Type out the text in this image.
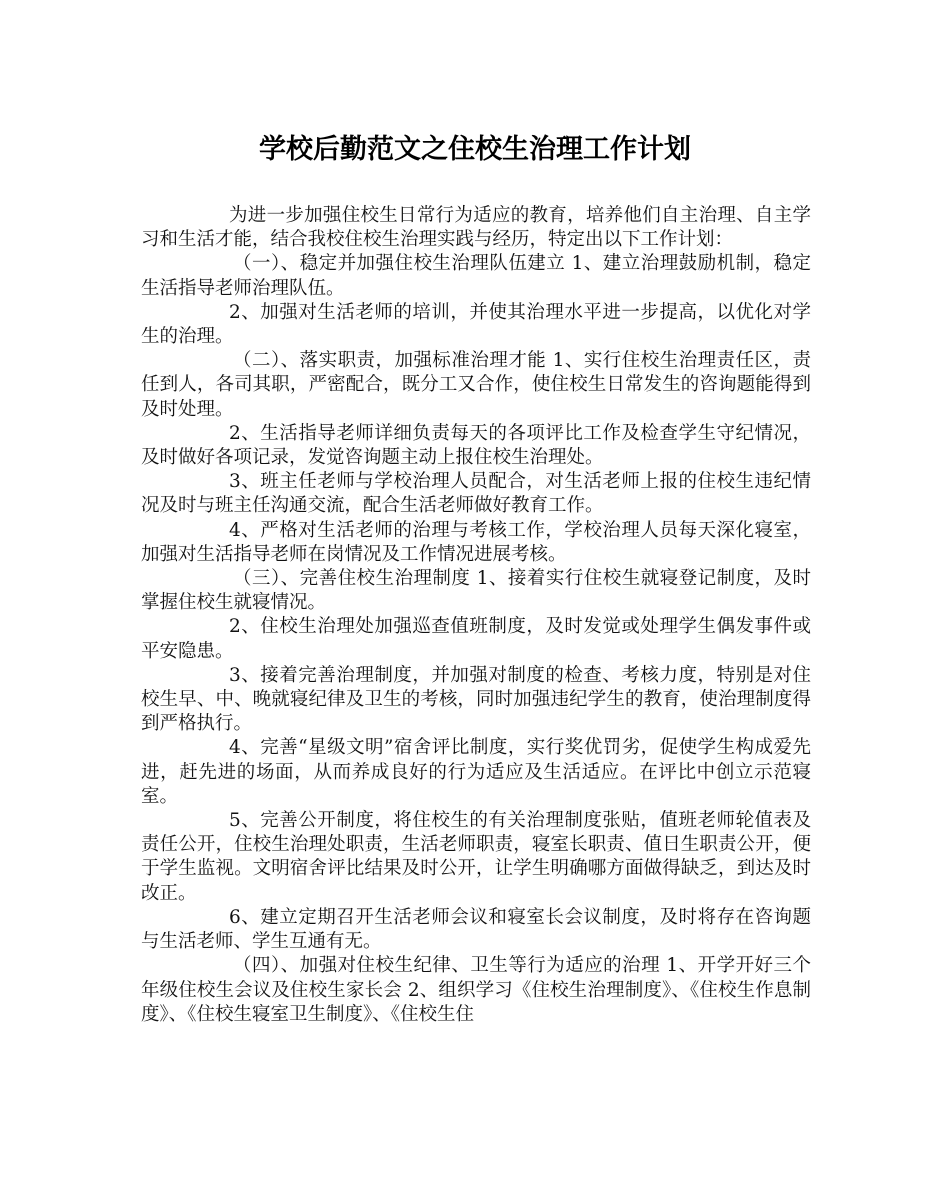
学校后勤范文之住校生治理工作计划

为进一步加强住校生日常行为适应的教育，培养他们自主治理、自主学习和生活才能，结合我校住校生治理实践与经历，特定出以下工作计划：

（一）、稳定并加强住校生治理队伍建立 1、建立治理鼓励机制，稳定生活指导老师治理队伍。

2、加强对生活老师的培训，并使其治理水平进一步提高，以优化对学生的治理。

（二）、落实职责，加强标准治理才能 1、实行住校生治理责任区，责任到人，各司其职，严密配合，既分工又合作，使住校生日常发生的咨询题能得到及时处理。

2、生活指导老师详细负责每天的各项评比工作及检查学生守纪情况，及时做好各项记录，发觉咨询题主动上报住校生治理处。

3、班主任老师与学校治理人员配合，对生活老师上报的住校生违纪情况及时与班主任沟通交流，配合生活老师做好教育工作。

4、严格对生活老师的治理与考核工作，学校治理人员每天深化寝室，加强对生活指导老师在岗情况及工作情况进展考核。

（三）、完善住校生治理制度 1、接着实行住校生就寝登记制度，及时掌握住校生就寝情况。

2、住校生治理处加强巡查值班制度，及时发觉或处理学生偶发事件或平安隐患。

3、接着完善治理制度，并加强对制度的检查、考核力度，特别是对住校生早、中、晚就寝纪律及卫生的考核，同时加强违纪学生的教育，使治理制度得到严格执行。

4、完善“星级文明”宿舍评比制度，实行奖优罚劣，促使学生构成爱先进，赶先进的场面，从而养成良好的行为适应及生活适应。在评比中创立示范寝室。

5、完善公开制度，将住校生的有关治理制度张贴，值班老师轮值表及责任公开，住校生治理处职责，生活老师职责，寝室长职责、值日生职责公开，便于学生监视。文明宿舍评比结果及时公开，让学生明确哪方面做得缺乏，到达及时改正。

6、建立定期召开生活老师会议和寝室长会议制度，及时将存在咨询题与生活老师、学生互通有无。

（四）、加强对住校生纪律、卫生等行为适应的治理 1、开学开好三个年级住校生会议及住校生家长会 2、组织学习《住校生治理制度》、《住校生作息制度》、《住校生寝室卫生制度》、《住校生住
